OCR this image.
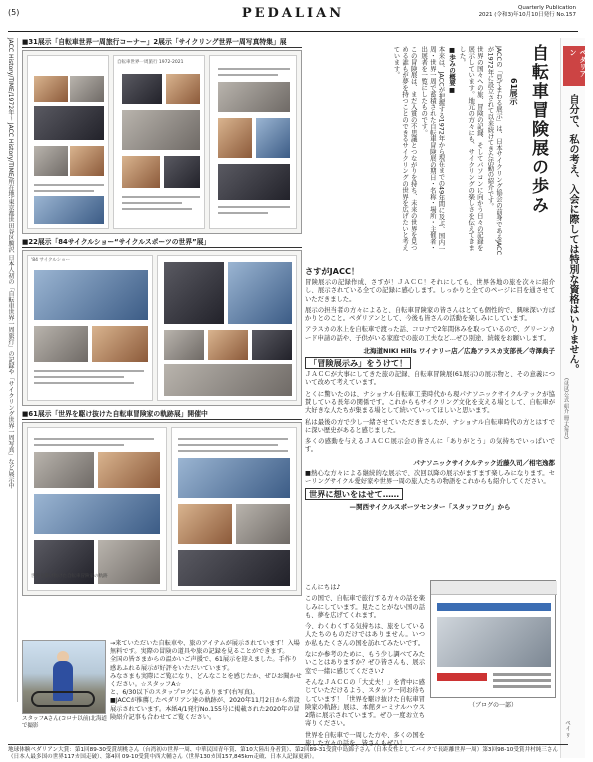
(5)	PEDALIAN	Quarterly Publication
2021 (令和3)年10月10日発行 No.157
JACC History/TIME/1972年〜 JACC History/TIME/所在地:東京都世田谷区駒沢 日本人初の「自転車世界一周旅行」の記録や「サイクリング世界一周写真」など展示中	ペダリアン
自分で、私の考え、入会に際しては特別な資格はいりません。
(ほぼ)公式 紹介 冊子(毎月)
ペイ リ
自転車冒険展の歩み
61展示

JACCの「見てまわる展示」は、日本サイクリング協会の前身であるJACCが1972年に設立されて以来続けてきた活動の紹介です。

世界の国々への旅、冒険の記録、そしてパソコンに向かう日々の記録を展示しています。地元の方々にも、サイクリングの楽しさを伝えてきました。

■歩みの概要■

本来は、JACCが把握する1972年から現在までの49年間に及ぶ、国内一周・世界一周で蓄積された自転車冒険展の期日・名称・場所・主催者・出展者を一覧にしたものです。

この冒険展は、まだ入賞の不思議とつながりを持ち、未来の世界を見つめる誰もが夢を持つことのできるサイクリングの世界を広げたいと考えています。

■31展示「自転車世界一周旅行コーナー」2展示「サイクリング世界一周写真特集」展
自転車世界一周旅行 1972-2021
■22展示「84サイクルショー“サイクルスポーツの世界”展」
'84 サイクルショー
■61展示「世界を駆け抜けた自転車冒険家の軌跡展」開催中
世界を駆け抜けた自転車冒険家の軌跡
スタッフAさん(コロナ以前)北海道で撮影
→来ていただいた自転車や、旅のアイテムが展示されています！入場無料です。実際の冒険の道具や旅の記録を見ることができます。
全国の皆さまからの温かいご声援で、61展示を迎えました。手作り感あふれる展示が好評をいただいています。
みなさまも実際にご覧になり、どんなことを感じたか、ぜひお聞かせください。☆スタッフA☆
と、6/30以下のスタップログにもあります(右写真)。
■JACCが推薦したペダリアン達の軌跡が、2020年11月2日から常設展示されています。本紙4/1発行No.155号に掲載された2020年の冒険紹介記事も合わせてご覧ください。
さすがJACC！

冒険展示の記録作成、さすが！ＪＡＣＣ！それにしても、世界各地の旅を次々に紹介し、展示されている全ての記録に感心します。しっかりと全てのページに目を通させていただきました。

展示の担当者の方々によると、自転車冒険家の皆さんはとても個性的で、興味深い方ばかりとのこと。ペダリアンとして、今後も皆さんの活動を楽しみにしています。

アラスカの氷上を自転車で渡った話、コロナで2年間休みを取っているので、グリーンカード申請の話や、子供がいる家庭での旅の工夫など…ぜひ別途、続報をお願いします。

北海道NIKI Hills ワイナリー店／広島アラスカ支部長／寺澤典子
「冒険展示み」をうけて！

ＪＡＣＣが大事にしてきた旅の記録、自転車冒険展(61展示)の展示物と、その意義について改めて考えています。

とくに驚いたのは、ナショナル自転車工業時代から現パナソニックサイクルテックが協賛している長年の関係です。これからもサイクリング文化を支える場として、自転車が大好きな人たちが集まる場として続いていってほしいと思います。

私は最後の方で少し一緒させていただきましたが、ナショナル自転車時代の方とはすでに深い歴史があると感じました。

多くの感動を与えるＪＡＣＣ展示会の皆さんに「ありがとう」の気持ちでいっぱいです。

パナソニックサイクルテック近藤久司／相宅逸都

■熱心な方々による継続的な展示で、次回以降の展示がますます楽しみになります。セーリングサイクル愛好家や世界一周の旅人たちの物語をこれからも紹介してください。

世界に想いをはせて……
—関西サイクルスポーツセンター「スタッフログ」から

こんにちは♪

この国で、自転車で旅行する方々の話を楽しみにしています。見たことがない国の話も、夢を広げてくれます。

今、わくわくする気持ちは、旅をしている人たちのものだけではありません。いつか私もたくさんの国を訪れてみたいです。

なにか参考のために、もう少し調べてみたいことはありますか？ぜひ皆さんも、展示室で一緒に感じてください♪

そんなＪＡＣＣの「大丈夫！」を背中に感じていただけるよう、スタッフ一同お待ちしています！「世界を駆け抜けた自転車冒険家の軌跡」展は、本館ターミナルハウス2階に展示されています。ぜひ一度お立ち寄りください。

世界を自転車で一周した方や、多くの国を旅した方々の話を、皆さんもぜひ！

（ブログの一部）
地球体験ペダリアン大賞：第1回89-30受賞胡桃さん（台湾初の世界一周、中華民国青年賞、第10大陸出身者賞）、第2回89-31受賞中島錦子さん（日本女性としてバイクで長距離世界一周）第3回98-10受賞井村純三さん（日本人最多国の世界117カ国走破）、第4回 09-10受賞中西大輔さん（世界130カ国157,845km走破、日本人記録更新）。
